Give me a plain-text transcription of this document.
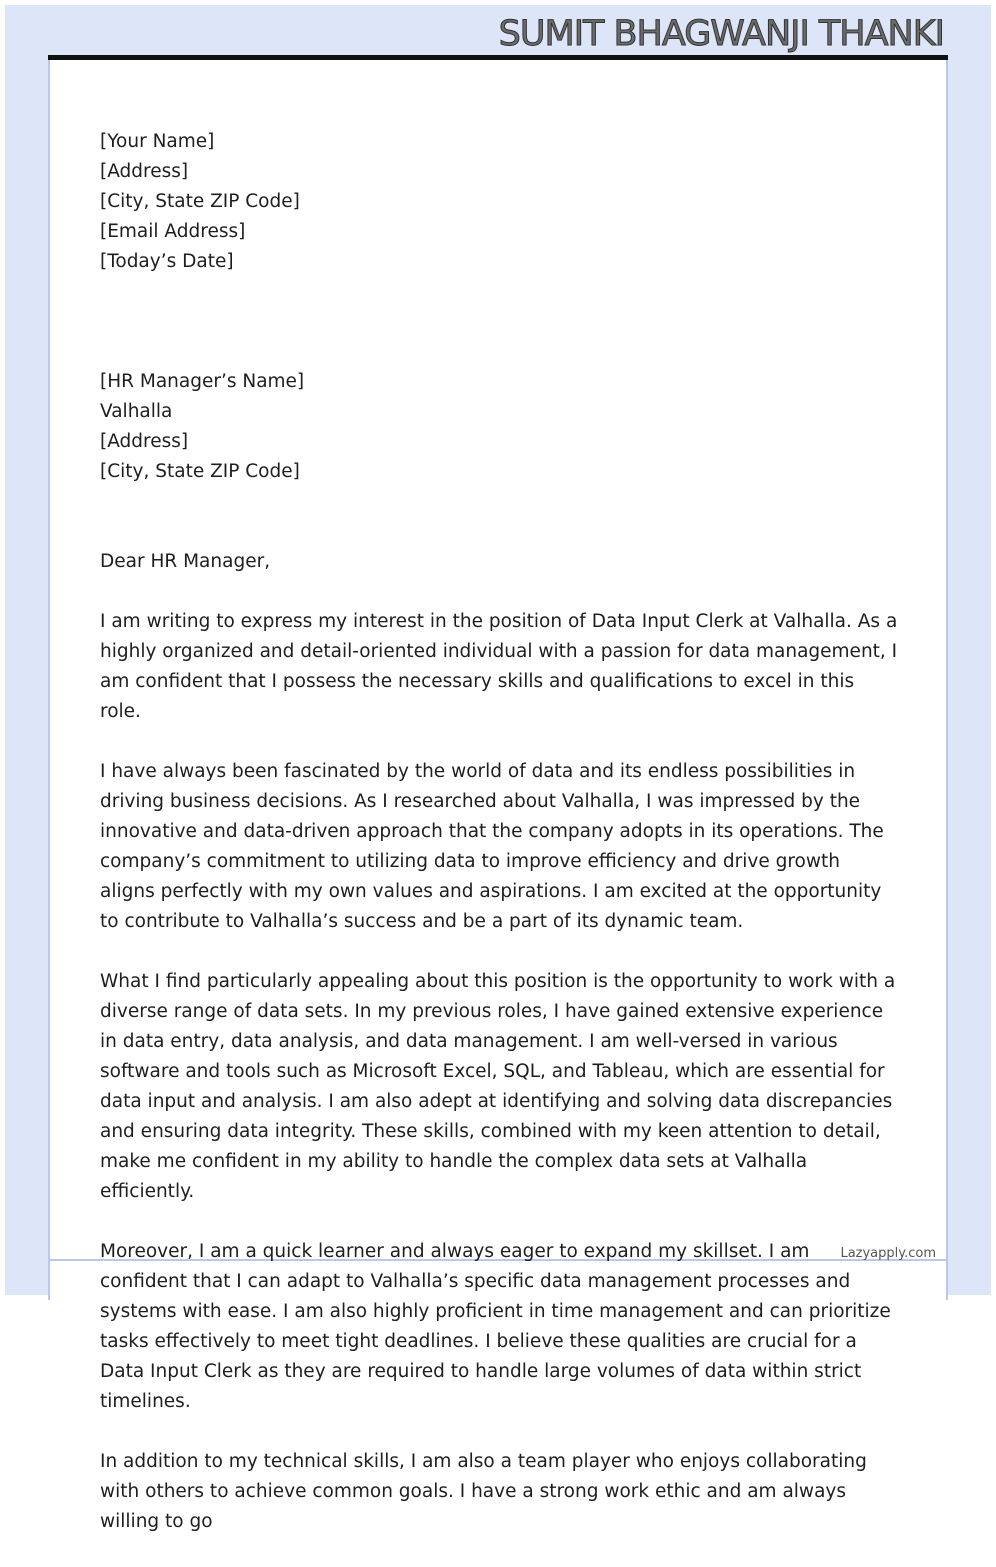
SUMIT BHAGWANJI THANKI

[Your Name]
[Address]
[City, State ZIP Code]
[Email Address]
[Today’s Date]

[HR Manager’s Name]
Valhalla
[Address]
[City, State ZIP Code]

Dear HR Manager,

I am writing to express my interest in the position of Data Input Clerk at Valhalla. As a highly organized and detail-oriented individual with a passion for data management, I am confident that I possess the necessary skills and qualifications to excel in this role.

I have always been fascinated by the world of data and its endless possibilities in driving business decisions. As I researched about Valhalla, I was impressed by the innovative and data-driven approach that the company adopts in its operations. The company’s commitment to utilizing data to improve efficiency and drive growth aligns perfectly with my own values and aspirations. I am excited at the opportunity to contribute to Valhalla’s success and be a part of its dynamic team.

What I find particularly appealing about this position is the opportunity to work with a diverse range of data sets. In my previous roles, I have gained extensive experience in data entry, data analysis, and data management. I am well-versed in various software and tools such as Microsoft Excel, SQL, and Tableau, which are essential for data input and analysis. I am also adept at identifying and solving data discrepancies and ensuring data integrity. These skills, combined with my keen attention to detail, make me confident in my ability to handle the complex data sets at Valhalla efficiently.

Moreover, I am a quick learner and always eager to expand my skillset. I am confident that I can adapt to Valhalla’s specific data management processes and systems with ease. I am also highly proficient in time management and can prioritize tasks effectively to meet tight deadlines. I believe these qualities are crucial for a Data Input Clerk as they are required to handle large volumes of data within strict timelines.

In addition to my technical skills, I am also a team player who enjoys collaborating with others to achieve common goals. I have a strong work ethic and am always willing to go

Lazyapply.com
